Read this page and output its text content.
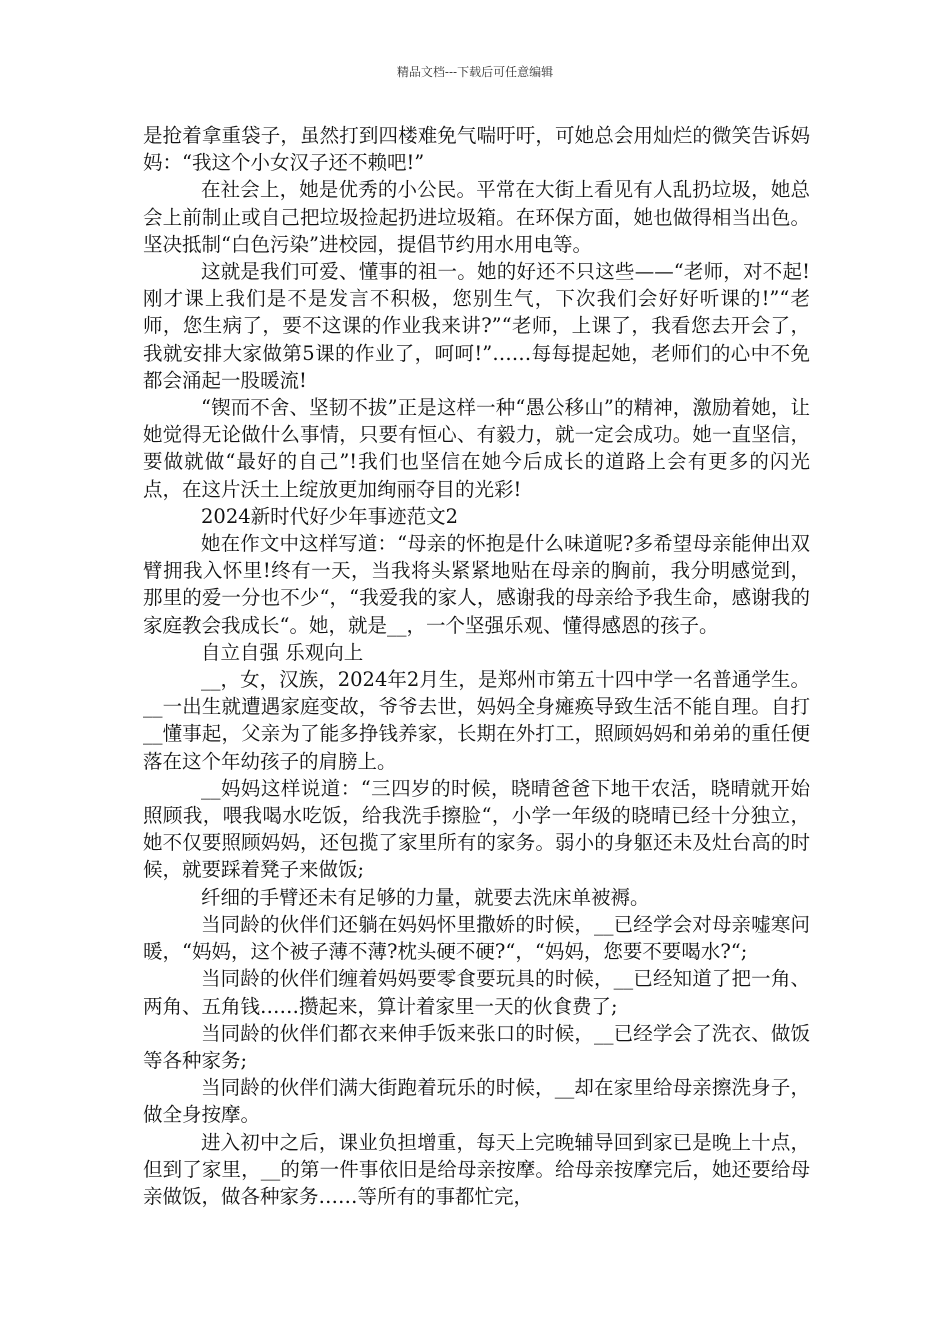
精品文档---下载后可任意编辑

是抢着拿重袋子，虽然打到四楼难免气喘吁吁，可她总会用灿烂的微笑告诉妈妈：“我这个小女汉子还不赖吧!”

在社会上，她是优秀的小公民。平常在大街上看见有人乱扔垃圾，她总会上前制止或自己把垃圾捡起扔进垃圾箱。在环保方面，她也做得相当出色。坚决抵制“白色污染”进校园，提倡节约用水用电等。

这就是我们可爱、懂事的祖一。她的好还不只这些——“老师，对不起!刚才课上我们是不是发言不积极，您别生气，下次我们会好好听课的!”“老师，您生病了，要不这课的作业我来讲?”“老师，上课了，我看您去开会了，我就安排大家做第5课的作业了，呵呵!”……每每提起她，老师们的心中不免都会涌起一股暖流!

“锲而不舍、坚韧不拔”正是这样一种“愚公移山”的精神，激励着她，让她觉得无论做什么事情，只要有恒心、有毅力，就一定会成功。她一直坚信，要做就做“最好的自己”!我们也坚信在她今后成长的道路上会有更多的闪光点，在这片沃土上绽放更加绚丽夺目的光彩!

2024新时代好少年事迹范文2

她在作文中这样写道：“母亲的怀抱是什么味道呢?多希望母亲能伸出双臂拥我入怀里!终有一天，当我将头紧紧地贴在母亲的胸前，我分明感觉到，那里的爱一分也不少“，“我爱我的家人，感谢我的母亲给予我生命，感谢我的家庭教会我成长“。她，就是__，一个坚强乐观、懂得感恩的孩子。

自立自强 乐观向上

__，女，汉族，2024年2月生，是郑州市第五十四中学一名普通学生。__一出生就遭遇家庭变故，爷爷去世，妈妈全身瘫痪导致生活不能自理。自打__懂事起，父亲为了能多挣钱养家，长期在外打工，照顾妈妈和弟弟的重任便落在这个年幼孩子的肩膀上。

__妈妈这样说道：“三四岁的时候，晓晴爸爸下地干农活，晓晴就开始照顾我，喂我喝水吃饭，给我洗手擦脸“，小学一年级的晓晴已经十分独立，她不仅要照顾妈妈，还包揽了家里所有的家务。弱小的身躯还未及灶台高的时候，就要踩着凳子来做饭;

纤细的手臂还未有足够的力量，就要去洗床单被褥。

当同龄的伙伴们还躺在妈妈怀里撒娇的时候，__已经学会对母亲嘘寒问暖，“妈妈，这个被子薄不薄?枕头硬不硬?“，“妈妈，您要不要喝水?“;

当同龄的伙伴们缠着妈妈要零食要玩具的时候，__已经知道了把一角、两角、五角钱……攒起来，算计着家里一天的伙食费了;

当同龄的伙伴们都衣来伸手饭来张口的时候，__已经学会了洗衣、做饭等各种家务;

当同龄的伙伴们满大街跑着玩乐的时候，__却在家里给母亲擦洗身子，做全身按摩。

进入初中之后，课业负担增重，每天上完晚辅导回到家已是晚上十点，但到了家里，__的第一件事依旧是给母亲按摩。给母亲按摩完后，她还要给母亲做饭，做各种家务……等所有的事都忙完，
